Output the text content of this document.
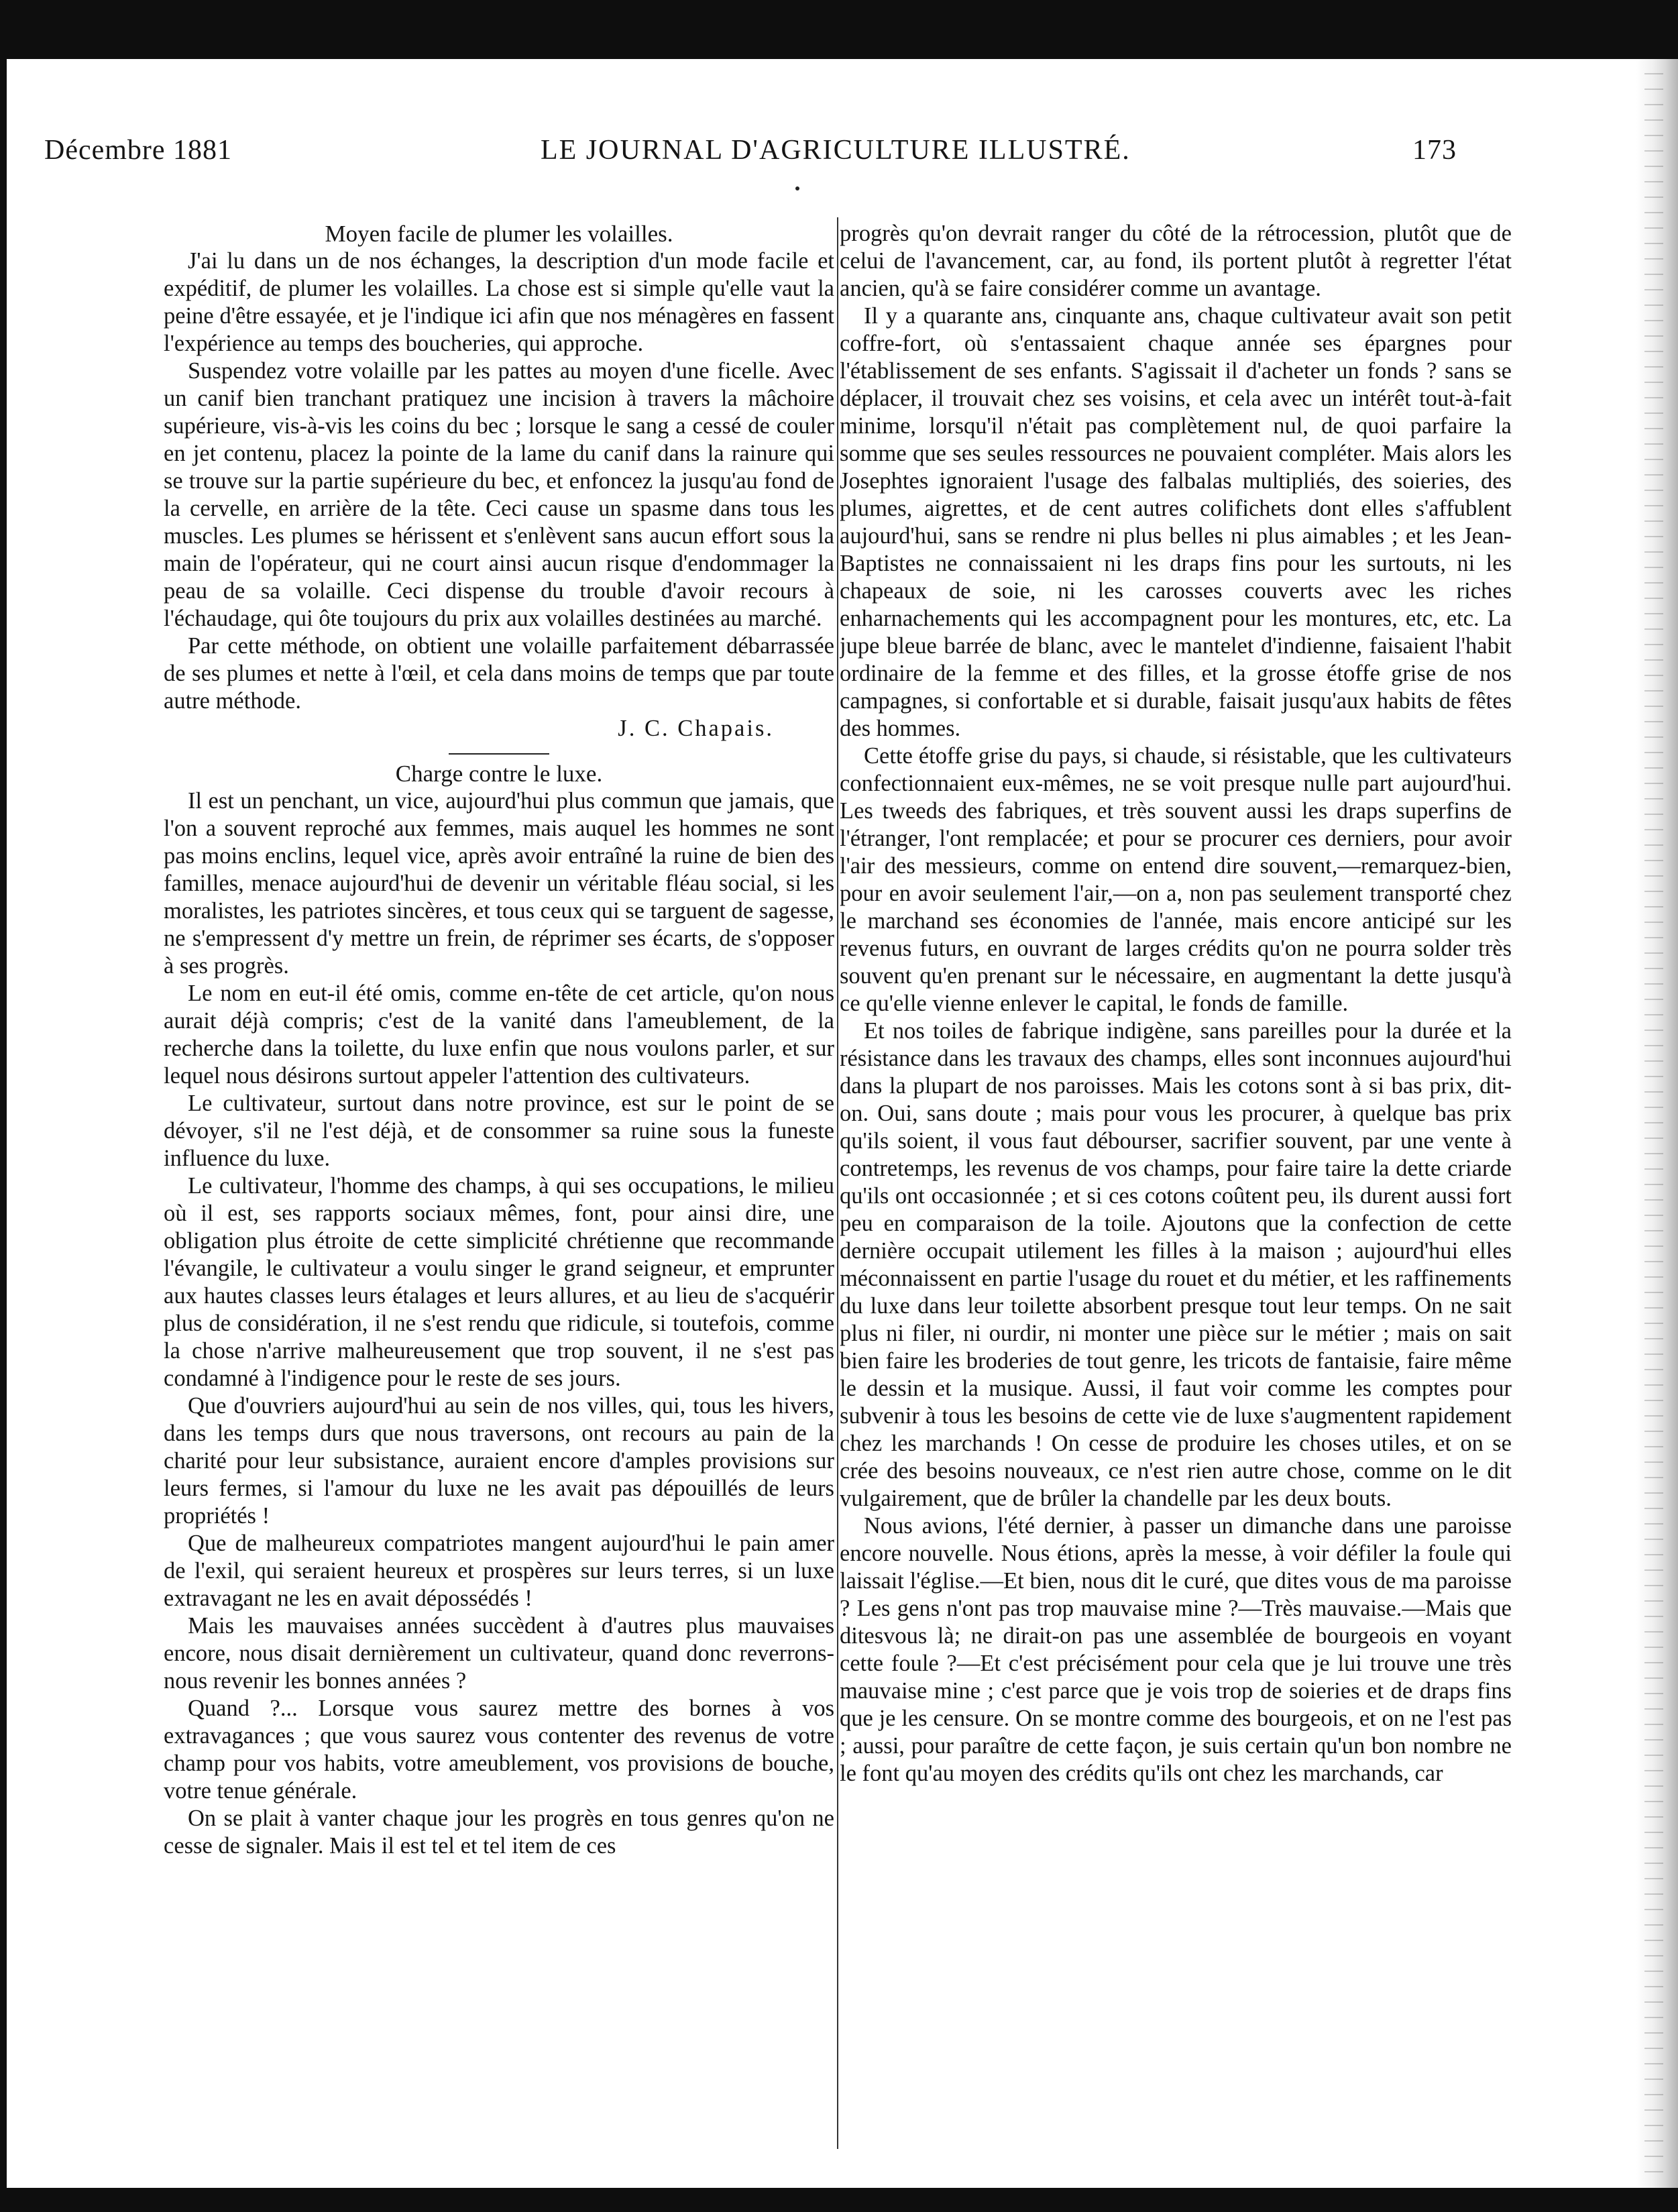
Décembre 1881	LE JOURNAL D'AGRICULTURE ILLUSTRÉ.	173

Moyen facile de plumer les volailles.

J'ai lu dans un de nos échanges, la description d'un mode facile et expéditif, de plumer les volailles. La chose est si simple qu'elle vaut la peine d'être essayée, et je l'indique ici afin que nos ménagères en fassent l'expérience au temps des boucheries, qui approche.

Suspendez votre volaille par les pattes au moyen d'une ficelle. Avec un canif bien tranchant pratiquez une incision à travers la mâchoire supérieure, vis-à-vis les coins du bec ; lorsque le sang a cessé de couler en jet contenu, placez la pointe de la lame du canif dans la rainure qui se trouve sur la partie supérieure du bec, et enfoncez la jusqu'au fond de la cervelle, en arrière de la tête. Ceci cause un spasme dans tous les muscles. Les plumes se hérissent et s'enlèvent sans aucun effort sous la main de l'opérateur, qui ne court ainsi aucun risque d'endommager la peau de sa volaille. Ceci dispense du trouble d'avoir recours à l'échaudage, qui ôte toujours du prix aux volailles destinées au marché.

Par cette méthode, on obtient une volaille parfaitement débarrassée de ses plumes et nette à l'œil, et cela dans moins de temps que par toute autre méthode.

J. C. Chapais.

Charge contre le luxe.

Il est un penchant, un vice, aujourd'hui plus commun que jamais, que l'on a souvent reproché aux femmes, mais auquel les hommes ne sont pas moins enclins, lequel vice, après avoir entraîné la ruine de bien des familles, menace aujourd'hui de devenir un véritable fléau social, si les moralistes, les patriotes sincères, et tous ceux qui se targuent de sagesse, ne s'empressent d'y mettre un frein, de réprimer ses écarts, de s'opposer à ses progrès.

Le nom en eut-il été omis, comme en-tête de cet article, qu'on nous aurait déjà compris; c'est de la vanité dans l'ameublement, de la recherche dans la toilette, du luxe enfin que nous voulons parler, et sur lequel nous désirons surtout appeler l'attention des cultivateurs.

Le cultivateur, surtout dans notre province, est sur le point de se dévoyer, s'il ne l'est déjà, et de consommer sa ruine sous la funeste influence du luxe.

Le cultivateur, l'homme des champs, à qui ses occupations, le milieu où il est, ses rapports sociaux mêmes, font, pour ainsi dire, une obligation plus étroite de cette simplicité chrétienne que recommande l'évangile, le cultivateur a voulu singer le grand seigneur, et emprunter aux hautes classes leurs étalages et leurs allures, et au lieu de s'acquérir plus de considération, il ne s'est rendu que ridicule, si toutefois, comme la chose n'arrive malheureusement que trop souvent, il ne s'est pas condamné à l'indigence pour le reste de ses jours.

Que d'ouvriers aujourd'hui au sein de nos villes, qui, tous les hivers, dans les temps durs que nous traversons, ont recours au pain de la charité pour leur subsistance, auraient encore d'amples provisions sur leurs fermes, si l'amour du luxe ne les avait pas dépouillés de leurs propriétés !

Que de malheureux compatriotes mangent aujourd'hui le pain amer de l'exil, qui seraient heureux et prospères sur leurs terres, si un luxe extravagant ne les en avait dépossédés !

Mais les mauvaises années succèdent à d'autres plus mauvaises encore, nous disait dernièrement un cultivateur, quand donc reverrons-nous revenir les bonnes années ?

Quand ?... Lorsque vous saurez mettre des bornes à vos extravagances ; que vous saurez vous contenter des revenus de votre champ pour vos habits, votre ameublement, vos provisions de bouche, votre tenue générale.

On se plait à vanter chaque jour les progrès en tous genres qu'on ne cesse de signaler. Mais il est tel et tel item de ces

progrès qu'on devrait ranger du côté de la rétrocession, plutôt que de celui de l'avancement, car, au fond, ils portent plutôt à regretter l'état ancien, qu'à se faire considérer comme un avantage.

Il y a quarante ans, cinquante ans, chaque cultivateur avait son petit coffre-fort, où s'entassaient chaque année ses épargnes pour l'établissement de ses enfants. S'agissait il d'acheter un fonds ? sans se déplacer, il trouvait chez ses voisins, et cela avec un intérêt tout-à-fait minime, lorsqu'il n'était pas complètement nul, de quoi parfaire la somme que ses seules ressources ne pouvaient compléter. Mais alors les Josephtes ignoraient l'usage des falbalas multipliés, des soieries, des plumes, aigrettes, et de cent autres colifichets dont elles s'affublent aujourd'hui, sans se rendre ni plus belles ni plus aimables ; et les Jean-Baptistes ne connaissaient ni les draps fins pour les surtouts, ni les chapeaux de soie, ni les carosses couverts avec les riches enharnachements qui les accompagnent pour les montures, etc, etc. La jupe bleue barrée de blanc, avec le mantelet d'indienne, faisaient l'habit ordinaire de la femme et des filles, et la grosse étoffe grise de nos campagnes, si confortable et si durable, faisait jusqu'aux habits de fêtes des hommes.

Cette étoffe grise du pays, si chaude, si résistable, que les cultivateurs confectionnaient eux-mêmes, ne se voit presque nulle part aujourd'hui. Les tweeds des fabriques, et très souvent aussi les draps superfins de l'étranger, l'ont remplacée; et pour se procurer ces derniers, pour avoir l'air des messieurs, comme on entend dire souvent,—remarquez-bien, pour en avoir seulement l'air,—on a, non pas seulement transporté chez le marchand ses économies de l'année, mais encore anticipé sur les revenus futurs, en ouvrant de larges crédits qu'on ne pourra solder très souvent qu'en prenant sur le nécessaire, en augmentant la dette jusqu'à ce qu'elle vienne enlever le capital, le fonds de famille.

Et nos toiles de fabrique indigène, sans pareilles pour la durée et la résistance dans les travaux des champs, elles sont inconnues aujourd'hui dans la plupart de nos paroisses. Mais les cotons sont à si bas prix, dit-on. Oui, sans doute ; mais pour vous les procurer, à quelque bas prix qu'ils soient, il vous faut débourser, sacrifier souvent, par une vente à contretemps, les revenus de vos champs, pour faire taire la dette criarde qu'ils ont occasionnée ; et si ces cotons coûtent peu, ils durent aussi fort peu en comparaison de la toile. Ajoutons que la confection de cette dernière occupait utilement les filles à la maison ; aujourd'hui elles méconnaissent en partie l'usage du rouet et du métier, et les raffinements du luxe dans leur toilette absorbent presque tout leur temps. On ne sait plus ni filer, ni ourdir, ni monter une pièce sur le métier ; mais on sait bien faire les broderies de tout genre, les tricots de fantaisie, faire même le dessin et la musique. Aussi, il faut voir comme les comptes pour subvenir à tous les besoins de cette vie de luxe s'augmentent rapidement chez les marchands ! On cesse de produire les choses utiles, et on se crée des besoins nouveaux, ce n'est rien autre chose, comme on le dit vulgairement, que de brûler la chandelle par les deux bouts.

Nous avions, l'été dernier, à passer un dimanche dans une paroisse encore nouvelle. Nous étions, après la messe, à voir défiler la foule qui laissait l'église.—Et bien, nous dit le curé, que dites vous de ma paroisse ? Les gens n'ont pas trop mauvaise mine ?—Très mauvaise.—Mais que ditesvous là; ne dirait-on pas une assemblée de bourgeois en voyant cette foule ?—Et c'est précisément pour cela que je lui trouve une très mauvaise mine ; c'est parce que je vois trop de soieries et de draps fins que je les censure. On se montre comme des bourgeois, et on ne l'est pas ; aussi, pour paraître de cette façon, je suis certain qu'un bon nombre ne le font qu'au moyen des crédits qu'ils ont chez les marchands, car
